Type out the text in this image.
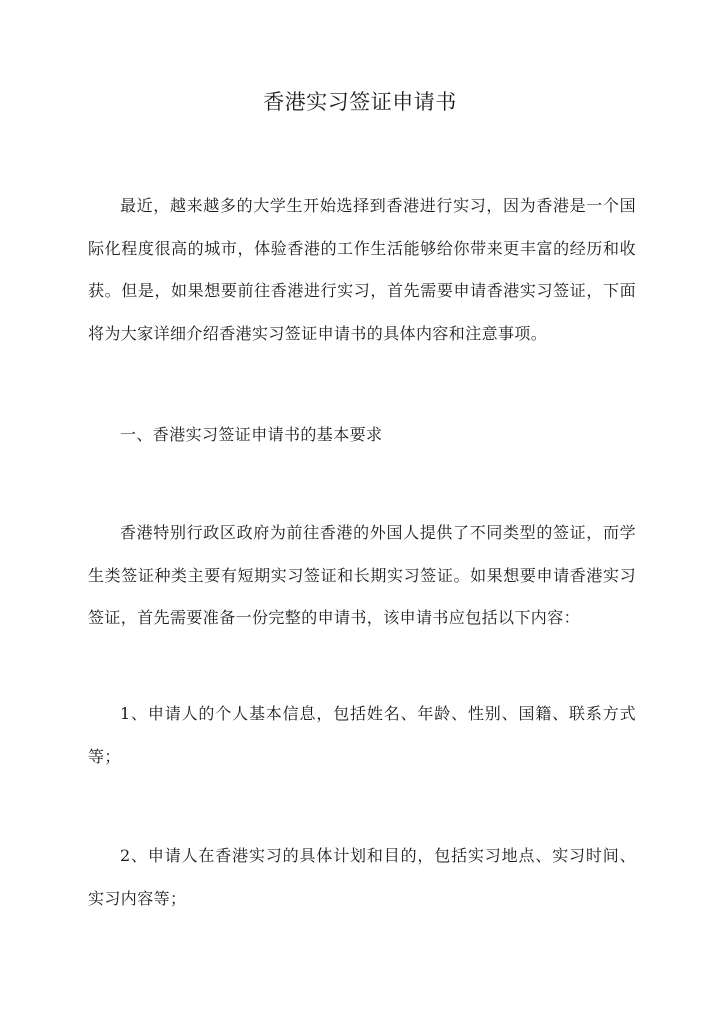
香港实习签证申请书

最近，越来越多的大学生开始选择到香港进行实习，因为香港是一个国际化程度很高的城市，体验香港的工作生活能够给你带来更丰富的经历和收获。但是，如果想要前往香港进行实习，首先需要申请香港实习签证，下面将为大家详细介绍香港实习签证申请书的具体内容和注意事项。

一、香港实习签证申请书的基本要求

香港特别行政区政府为前往香港的外国人提供了不同类型的签证，而学生类签证种类主要有短期实习签证和长期实习签证。如果想要申请香港实习签证，首先需要准备一份完整的申请书，该申请书应包括以下内容：

1、申请人的个人基本信息，包括姓名、年龄、性别、国籍、联系方式等；

2、申请人在香港实习的具体计划和目的，包括实习地点、实习时间、实习内容等；
